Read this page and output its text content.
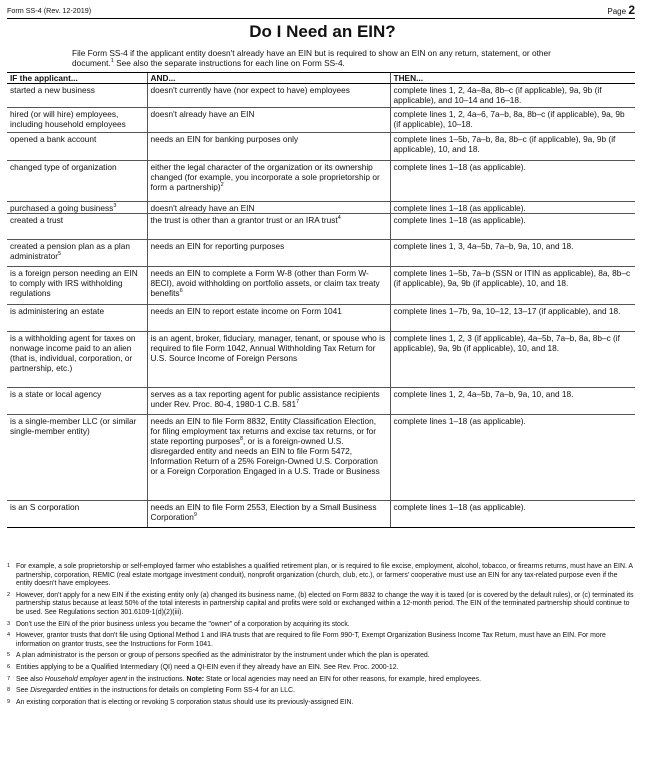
Form SS-4 (Rev. 12-2019)	Page 2
Do I Need an EIN?
File Form SS-4 if the applicant entity doesn't already have an EIN but is required to show an EIN on any return, statement, or other document.$^1$ See also the separate instructions for each line on Form SS-4.
IF the applicant...	AND...	THEN...
started a new business	doesn't currently have (nor expect to have) employees	complete lines 1, 2, 4a–8a, 8b–c (if applicable), 9a, 9b (if applicable), and 10–14 and 16–18.
hired (or will hire) employees, including household employees	doesn't already have an EIN	complete lines 1, 2, 4a–6, 7a–b, 8a, 8b–c (if applicable), 9a, 9b (if applicable), 10–18.
opened a bank account	needs an EIN for banking purposes only	complete lines 1–5b, 7a–b, 8a, 8b–c (if applicable), 9a, 9b (if applicable), 10, and 18.
changed type of organization	either the legal character of the organization or its ownership changed (for example, you incorporate a sole proprietorship or form a partnership)$^2$	complete lines 1–18 (as applicable).
purchased a going business$^3$	doesn't already have an EIN	complete lines 1–18 (as applicable).
created a trust	the trust is other than a grantor trust or an IRA trust$^4$	complete lines 1–18 (as applicable).
created a pension plan as a plan administrator$^5$	needs an EIN for reporting purposes	complete lines 1, 3, 4a–5b, 7a–b, 9a, 10, and 18.
is a foreign person needing an EIN to comply with IRS withholding regulations	needs an EIN to complete a Form W-8 (other than Form W-8ECI), avoid withholding on portfolio assets, or claim tax treaty benefits$^6$	complete lines 1–5b, 7a–b (SSN or ITIN as applicable), 8a, 8b–c (if applicable), 9a, 9b (if applicable), 10, and 18.
is administering an estate	needs an EIN to report estate income on Form 1041	complete lines 1–7b, 9a, 10–12, 13–17 (if applicable), and 18.
is a withholding agent for taxes on nonwage income paid to an alien (that is, individual, corporation, or partnership, etc.)	is an agent, broker, fiduciary, manager, tenant, or spouse who is required to file Form 1042, Annual Withholding Tax Return for U.S. Source Income of Foreign Persons	complete lines 1, 2, 3 (if applicable), 4a–5b, 7a–b, 8a, 8b–c (if applicable), 9a, 9b (if applicable), 10, and 18.
is a state or local agency	serves as a tax reporting agent for public assistance recipients under Rev. Proc. 80-4, 1980-1 C.B. $581^7$	complete lines 1, 2, 4a–5b, 7a–b, 9a, 10, and 18.
is a single-member LLC (or similar single-member entity)	needs an EIN to file Form 8832, Entity Classification Election, for filing employment tax returns and excise tax returns, or for state reporting purposes$^8$, or is a foreign-owned U.S. disregarded entity and needs an EIN to file Form 5472, Information Return of a 25% Foreign-Owned U.S. Corporation or a Foreign Corporation Engaged in a U.S. Trade or Business	complete lines 1–18 (as applicable).
is an S corporation	needs an EIN to file Form 2553, Election by a Small Business Corporation$^9$	complete lines 1–18 (as applicable).
1 For example, a sole proprietorship or self-employed farmer who establishes a qualified retirement plan, or is required to file excise, employment, alcohol, tobacco, or firearms returns, must have an EIN. A partnership, corporation, REMIC (real estate mortgage investment conduit), nonprofit organization (church, club, etc.), or farmers' cooperative must use an EIN for any tax-related purpose even if the entity doesn't have employees.
2 However, don't apply for a new EIN if the existing entity only (a) changed its business name, (b) elected on Form 8832 to change the way it is taxed (or is covered by the default rules), or (c) terminated its partnership status because at least 50% of the total interests in partnership capital and profits were sold or exchanged within a 12-month period. The EIN of the terminated partnership should continue to be used. See Regulations section 301.6109-1(d)(2)(iii).
3 Don't use the EIN of the prior business unless you became the "owner" of a corporation by acquiring its stock.
4 However, grantor trusts that don't file using Optional Method 1 and IRA trusts that are required to file Form 990-T, Exempt Organization Business Income Tax Return, must have an EIN. For more information on grantor trusts, see the Instructions for Form 1041.
5 A plan administrator is the person or group of persons specified as the administrator by the instrument under which the plan is operated.
6 Entities applying to be a Qualified Intermediary (QI) need a QI-EIN even if they already have an EIN. See Rev. Proc. 2000-12.
7 See also Household employer agent in the instructions. Note: State or local agencies may need an EIN for other reasons, for example, hired employees.
8 See Disregarded entities in the instructions for details on completing Form SS-4 for an LLC.
9 An existing corporation that is electing or revoking S corporation status should use its previously-assigned EIN.
